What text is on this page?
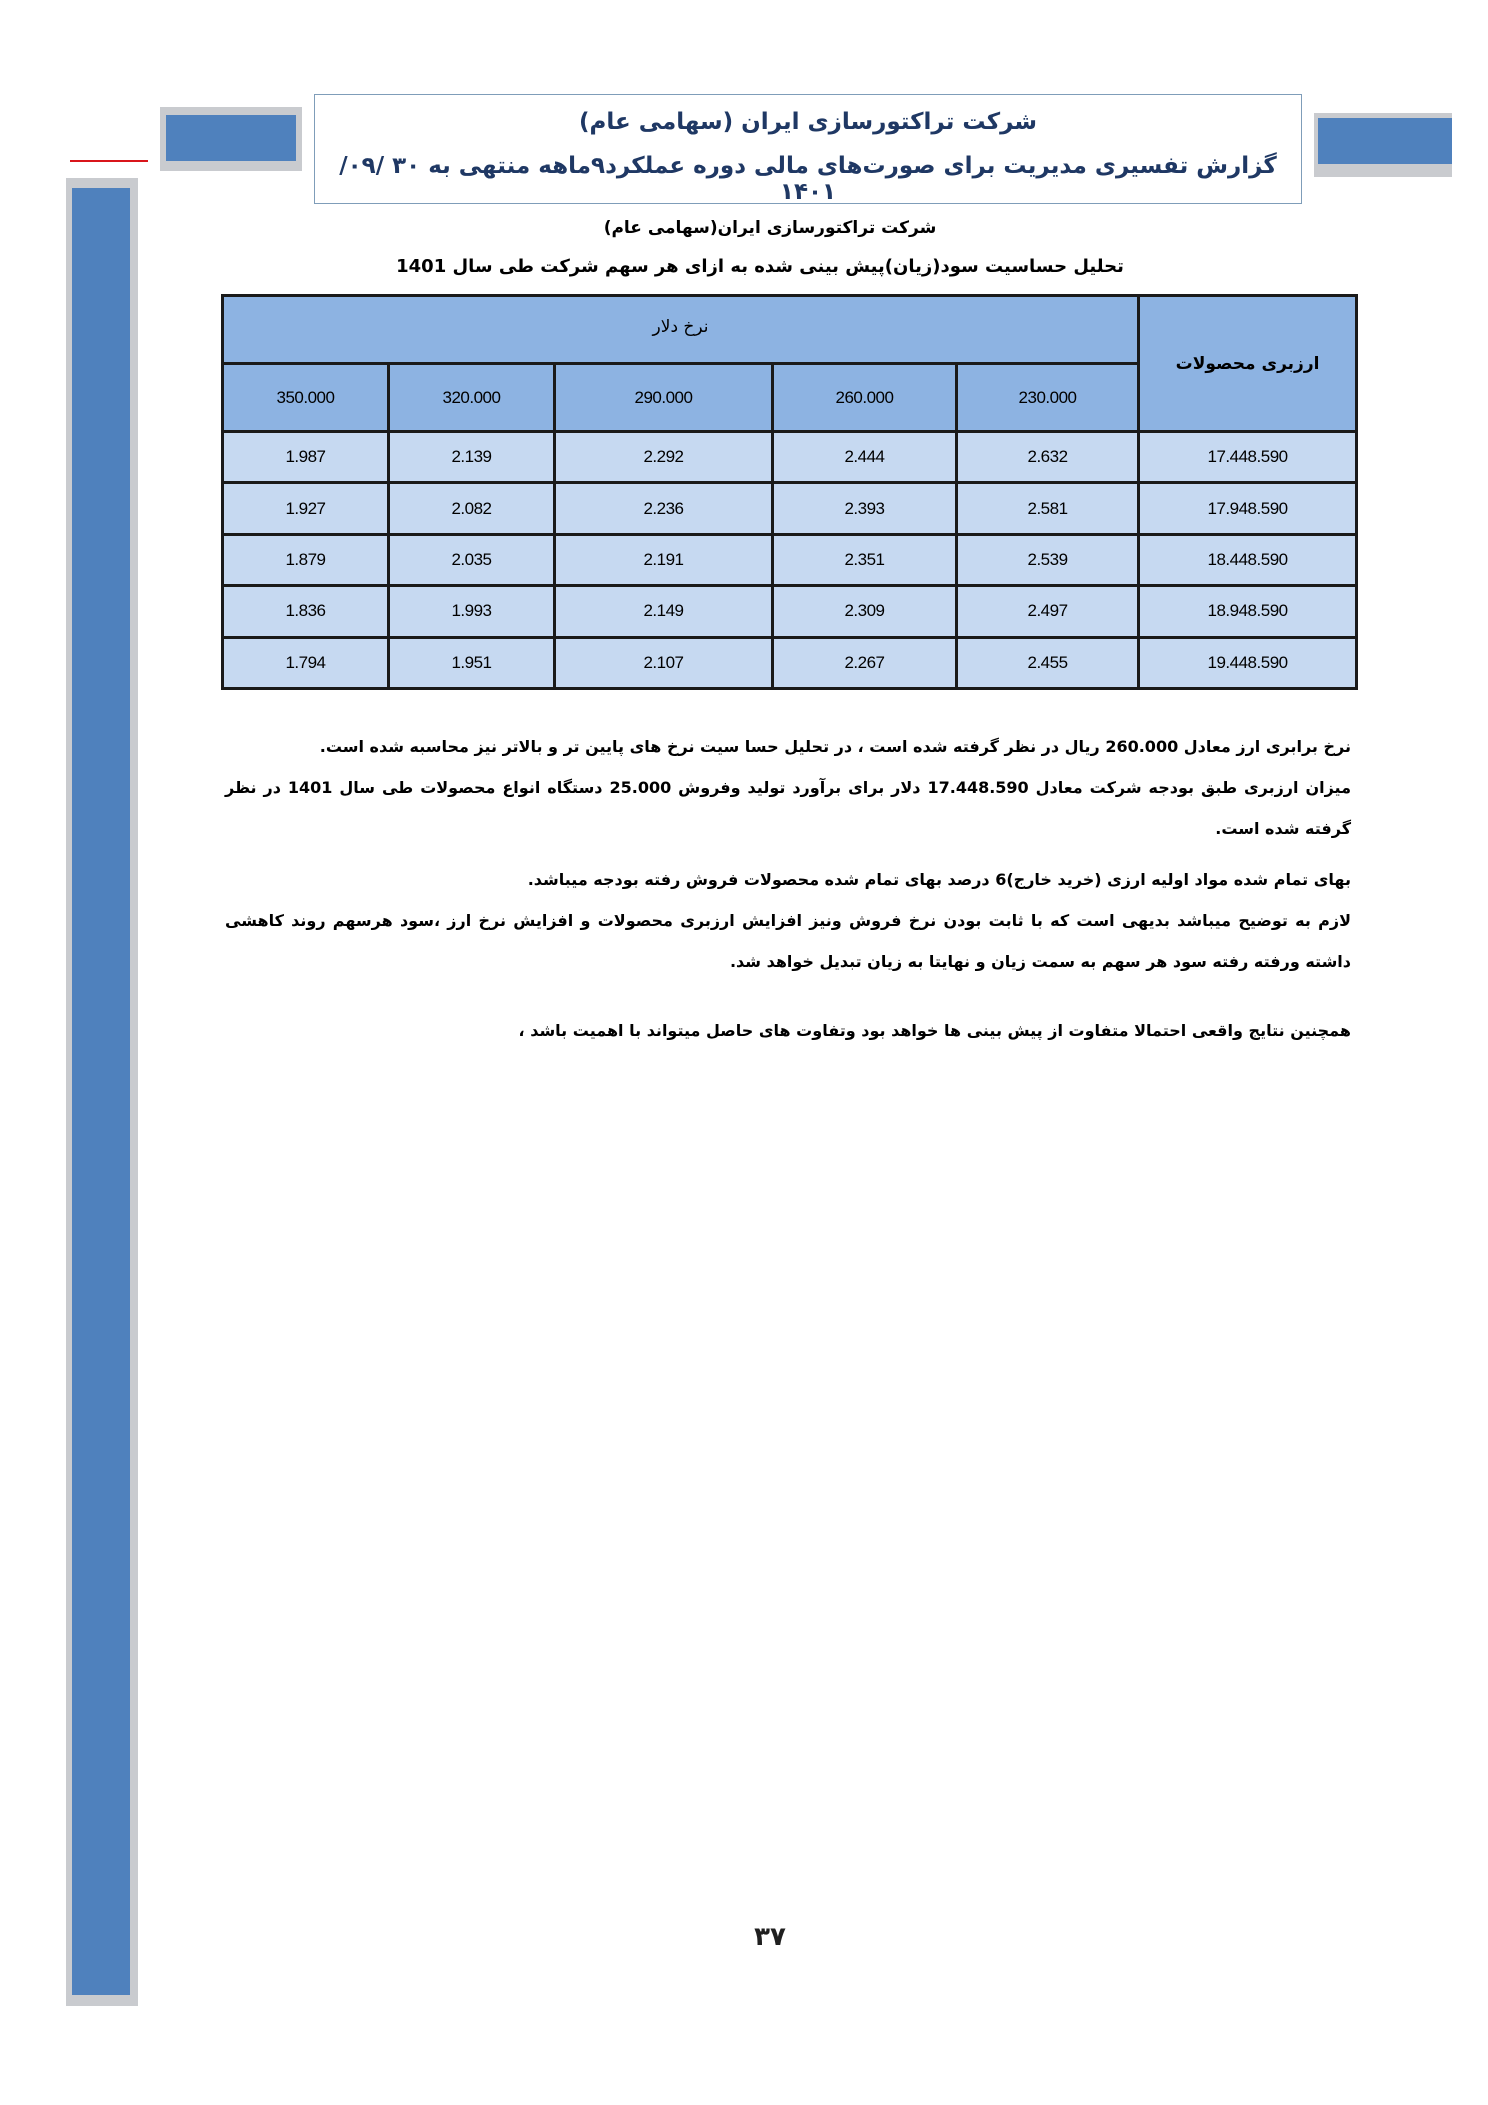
شرکت تراکتورسازی ایران (سهامی عام)
گزارش تفسیری مدیریت برای صورت‌های مالی دوره عملکرد۹ماهه منتهی به ۳۰ /۰۹/ ۱۴۰۱
شرکت تراکتورسازی ایران(سهامی عام)
تحلیل حساسیت سود(زیان)پیش بینی شده به ازای هر سهم شرکت طی سال 1401
نرخ دلار					ارزبری محصولات
350.000	320.000	290.000	260.000	230.000	
1.987	2.139	2.292	2.444	2.632	17.448.590
1.927	2.082	2.236	2.393	2.581	17.948.590
1.879	2.035	2.191	2.351	2.539	18.448.590
1.836	1.993	2.149	2.309	2.497	18.948.590
1.794	1.951	2.107	2.267	2.455	19.448.590

نرخ برابری ارز معادل 260.000 ریال در نظر گرفته شده است ، در تحلیل حسا سیت نرخ های پایین تر و بالاتر نیز محاسبه شده است.

میزان ارزبری طبق بودجه شرکت معادل 17.448.590 دلار برای برآورد تولید وفروش 25.000 دستگاه انواع محصولات طی سال 1401 در نظر گرفته شده است.

بهای تمام شده مواد اولیه ارزی (خرید خارج)6 درصد بهای تمام شده محصولات فروش رفته بودجه میباشد.

لازم به توضیح میباشد بدیهی است که با ثابت بودن نرخ فروش ونیز افزایش ارزبری محصولات و افزایش نرخ ارز ،سود هرسهم روند کاهشی داشته ورفته رفته سود هر سهم به سمت زیان و نهایتا به زیان تبدیل خواهد شد.

همچنین نتایج واقعی احتمالا متفاوت از پیش بینی ها خواهد بود وتفاوت های حاصل میتواند با اهمیت باشد ،

۳۷
